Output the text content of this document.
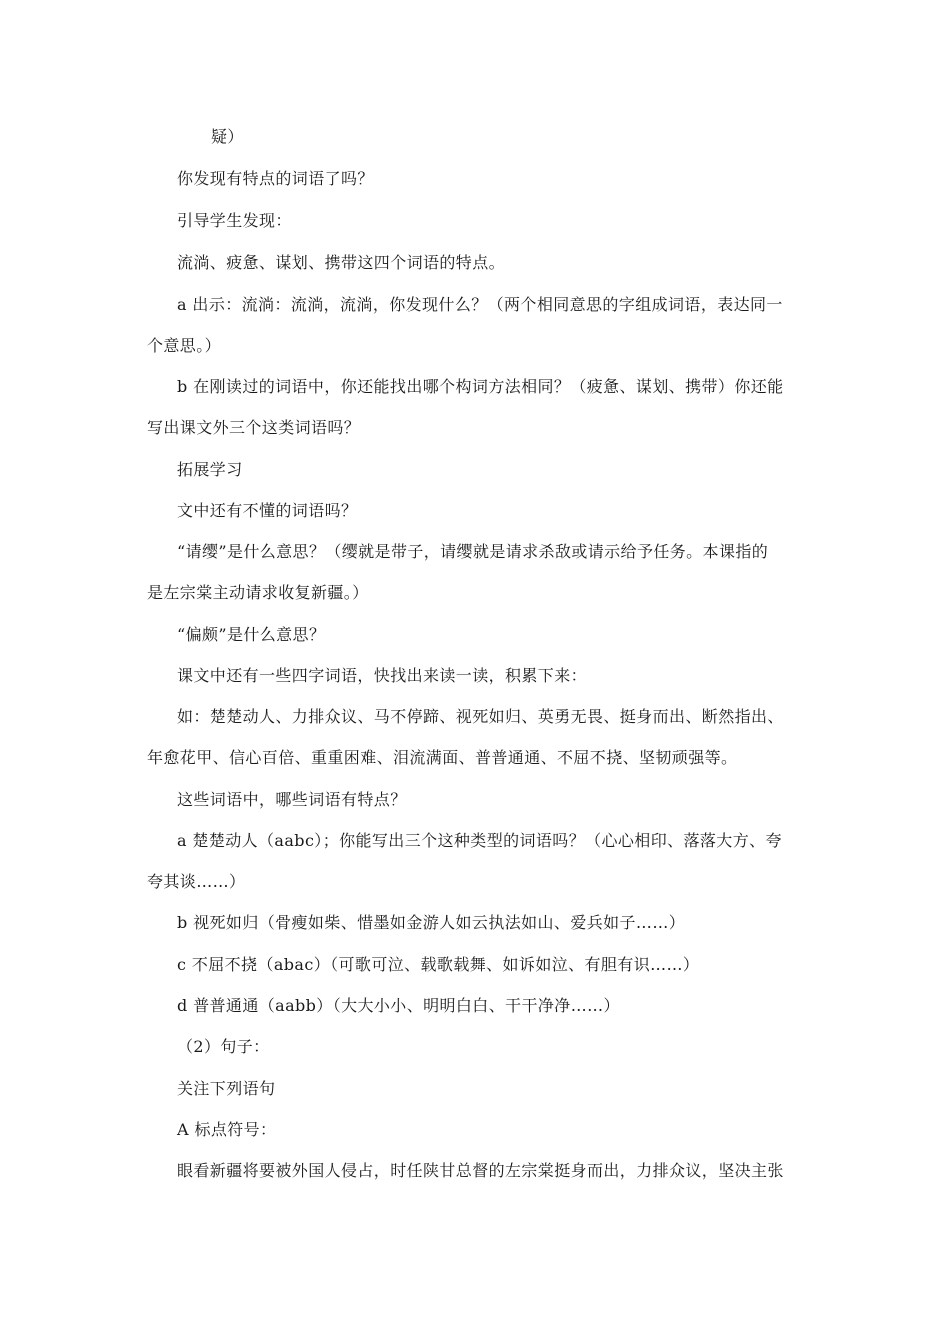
疑）
你发现有特点的词语了吗？
引导学生发现：
流淌、疲惫、谋划、携带这四个词语的特点。
a 出示：流淌：流淌，流淌，你发现什么？（两个相同意思的字组成词语，表达同一
个意思。）
b 在刚读过的词语中，你还能找出哪个构词方法相同？（疲惫、谋划、携带）你还能
写出课文外三个这类词语吗？
拓展学习
文中还有不懂的词语吗？
“请缨”是什么意思？（缨就是带子，请缨就是请求杀敌或请示给予任务。本课指的
是左宗棠主动请求收复新疆。）
“偏颇”是什么意思？
课文中还有一些四字词语，快找出来读一读，积累下来：
如：楚楚动人、力排众议、马不停蹄、视死如归、英勇无畏、挺身而出、断然指出、
年愈花甲、信心百倍、重重困难、泪流满面、普普通通、不屈不挠、坚韧顽强等。
这些词语中，哪些词语有特点？
a 楚楚动人（aabc）；你能写出三个这种类型的词语吗？（心心相印、落落大方、夸
夸其谈……）
b 视死如归（骨瘦如柴、惜墨如金游人如云执法如山、爱兵如子……）
c 不屈不挠（abac）（可歌可泣、载歌载舞、如诉如泣、有胆有识……）
d 普普通通（aabb）（大大小小、明明白白、干干净净……）
（2）句子：
关注下列语句
A 标点符号：
眼看新疆将要被外国人侵占，时任陕甘总督的左宗棠挺身而出，力排众议，坚决主张
